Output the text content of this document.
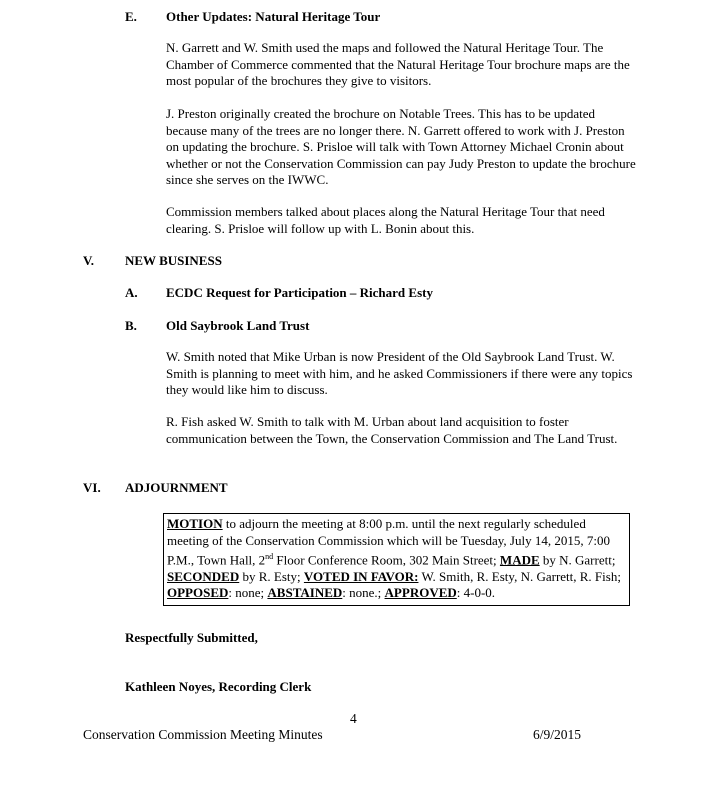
E. Other Updates: Natural Heritage Tour
N. Garrett and W. Smith used the maps and followed the Natural Heritage Tour. The Chamber of Commerce commented that the Natural Heritage Tour brochure maps are the most popular of the brochures they give to visitors.
J. Preston originally created the brochure on Notable Trees. This has to be updated because many of the trees are no longer there. N. Garrett offered to work with J. Preston on updating the brochure. S. Prisloe will talk with Town Attorney Michael Cronin about whether or not the Conservation Commission can pay Judy Preston to update the brochure since she serves on the IWWC.
Commission members talked about places along the Natural Heritage Tour that need clearing. S. Prisloe will follow up with L. Bonin about this.
V. NEW BUSINESS
A. ECDC Request for Participation – Richard Esty
B. Old Saybrook Land Trust
W. Smith noted that Mike Urban is now President of the Old Saybrook Land Trust. W. Smith is planning to meet with him, and he asked Commissioners if there were any topics they would like him to discuss.
R. Fish asked W. Smith to talk with M. Urban about land acquisition to foster communication between the Town, the Conservation Commission and The Land Trust.
VI. ADJOURNMENT
MOTION to adjourn the meeting at 8:00 p.m. until the next regularly scheduled meeting of the Conservation Commission which will be Tuesday, July 14, 2015, 7:00 P.M., Town Hall, 2nd Floor Conference Room, 302 Main Street; MADE by N. Garrett; SECONDED by R. Esty; VOTED IN FAVOR: W. Smith, R. Esty, N. Garrett, R. Fish; OPPOSED: none; ABSTAINED: none.; APPROVED: 4-0-0.
Respectfully Submitted,
Kathleen Noyes, Recording Clerk
4
Conservation Commission Meeting Minutes	6/9/2015
